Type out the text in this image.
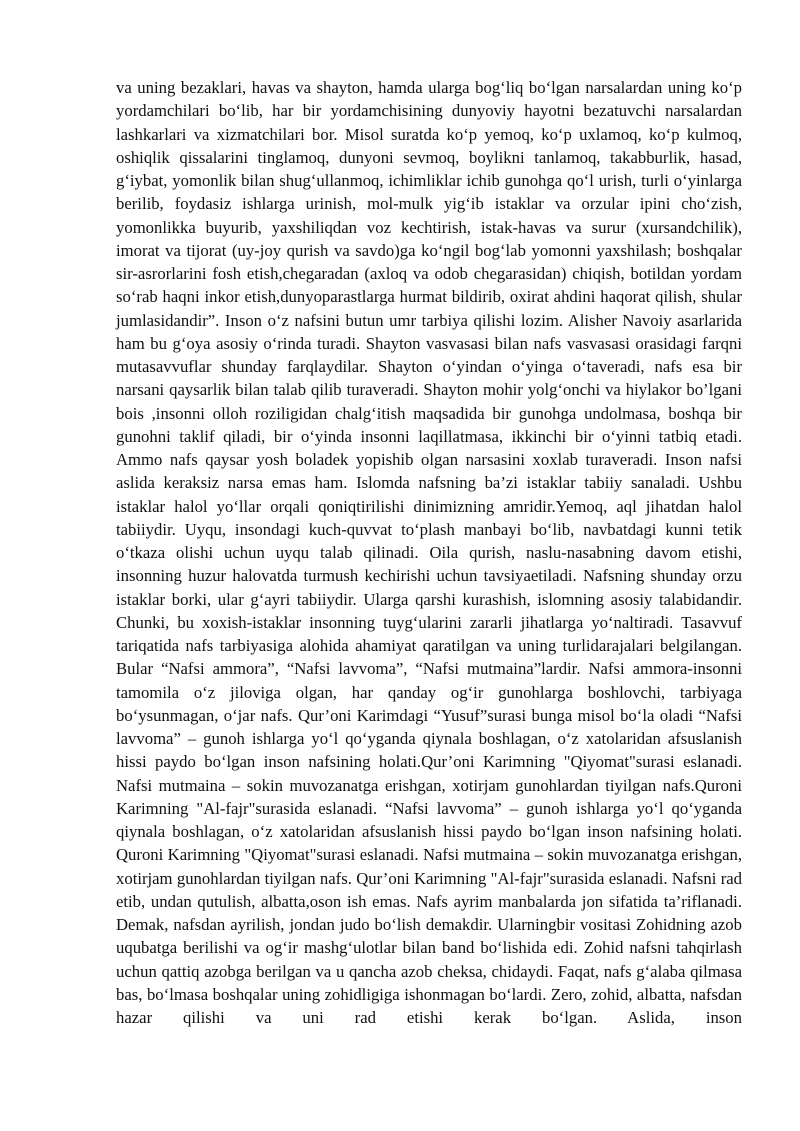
va uning bezaklari, havas va shayton, hamda ularga bog‘liq bo‘lgan narsalardan uning ko‘p yordamchilari bo‘lib, har bir yordamchisining dunyoviy hayotni bezatuvchi narsalardan lashkarlari va xizmatchilari bor. Misol suratda ko‘p yemoq, ko‘p uxlamoq, ko‘p kulmoq, oshiqlik qissalarini tinglamoq, dunyoni sevmoq, boylikni tanlamoq, takabburlik, hasad, g‘iybat, yomonlik bilan shug‘ullanmoq, ichimliklar ichib gunohga qo‘l urish, turli o‘yinlarga berilib, foydasiz ishlarga urinish, mol-mulk yig‘ib istaklar va orzular ipini cho‘zish, yomonlikka buyurib, yaxshiliqdan voz kechtirish, istak-havas va surur (xursandchilik), imorat va tijorat (uy-joy qurish va savdo)ga ko‘ngil bog‘lab yomonni yaxshilash; boshqalar sir-asrorlarini fosh etish,chegaradan (axloq va odob chegarasidan) chiqish, botildan yordam so‘rab haqni inkor etish,dunyoparastlarga hurmat bildirib, oxirat ahdini haqorat qilish, shular jumlasidandir”. Inson o‘z nafsini butun umr tarbiya qilishi lozim. Alisher Navoiy asarlarida ham bu g‘oya asosiy o‘rinda turadi. Shayton vasvasasi bilan nafs vasvasasi orasidagi farqni mutasavvuflar shunday farqlaydilar. Shayton o‘yindan o‘yinga o‘taveradi, nafs esa bir narsani qaysarlik bilan talab qilib turaveradi. Shayton mohir yolg‘onchi va hiylakor bo’lgani bois ,insonni olloh roziligidan chalg‘itish maqsadida bir gunohga undolmasa, boshqa bir gunohni taklif qiladi, bir o‘yinda insonni laqillatmasa, ikkinchi bir o‘yinni tatbiq etadi. Ammo nafs qaysar yosh boladek yopishib olgan narsasini xoxlab turaveradi. Inson nafsi aslida keraksiz narsa emas ham. Islomda nafsning ba’zi istaklar tabiiy sanaladi. Ushbu istaklar halol yo‘llar orqali qoniqtirilishi dinimizning amridir.Yemoq, aql jihatdan halol tabiiydir. Uyqu, insondagi kuch-quvvat to‘plash manbayi bo‘lib, navbatdagi kunni tetik o‘tkaza olishi uchun uyqu talab qilinadi. Oila qurish, naslu-nasabning davom etishi, insonning huzur halovatda turmush kechirishi uchun tavsiyaetiladi. Nafsning shunday orzu istaklar borki, ular g‘ayri tabiiydir. Ularga qarshi kurashish, islomning asosiy talabidandir. Chunki, bu xoxish-istaklar insonning tuyg‘ularini zararli jihatlarga yo‘naltiradi. Tasavvuf tariqatida nafs tarbiyasiga alohida ahamiyat qaratilgan va uning turlidarajalari belgilangan. Bular “Nafsi ammora”, “Nafsi lavvoma”, “Nafsi mutmaina”lardir. Nafsi ammora-insonni tamomila o‘z jiloviga olgan, har qanday og‘ir gunohlarga boshlovchi, tarbiyaga bo‘ysunmagan, o‘jar nafs. Qur’oni Karimdagi “Yusuf”surasi bunga misol bo‘la oladi “Nafsi lavvoma” – gunoh ishlarga yo‘l qo‘yganda qiynala boshlagan, o‘z xatolaridan afsuslanish hissi paydo bo‘lgan inson nafsining holati.Qur’oni Karimning "Qiyomat"surasi eslanadi. Nafsi mutmaina – sokin muvozanatga erishgan, xotirjam gunohlardan tiyilgan nafs.Quroni Karimning "Al-fajr"surasida eslanadi. “Nafsi lavvoma” – gunoh ishlarga yo‘l qo‘yganda qiynala boshlagan, o‘z xatolaridan afsuslanish hissi paydo bo‘lgan inson nafsining holati. Quroni Karimning "Qiyomat"surasi eslanadi. Nafsi mutmaina – sokin muvozanatga erishgan, xotirjam gunohlardan tiyilgan nafs. Qur’oni Karimning "Al-fajr"surasida eslanadi. Nafsni rad etib, undan qutulish, albatta,oson ish emas. Nafs ayrim manbalarda jon sifatida ta’riflanadi. Demak, nafsdan ayrilish, jondan judo bo‘lish demakdir. Ularningbir vositasi Zohidning azob uqubatga berilishi va og‘ir mashg‘ulotlar bilan band bo‘lishida edi. Zohid nafsni tahqirlash uchun qattiq azobga berilgan va u qancha azob cheksa, chidaydi. Faqat, nafs g‘alaba qilmasa bas, bo‘lmasa boshqalar uning zohidligiga ishonmagan bo‘lardi. Zero, zohid, albatta, nafsdan hazar qilishi va uni rad etishi kerak bo‘lgan. Aslida, inson
